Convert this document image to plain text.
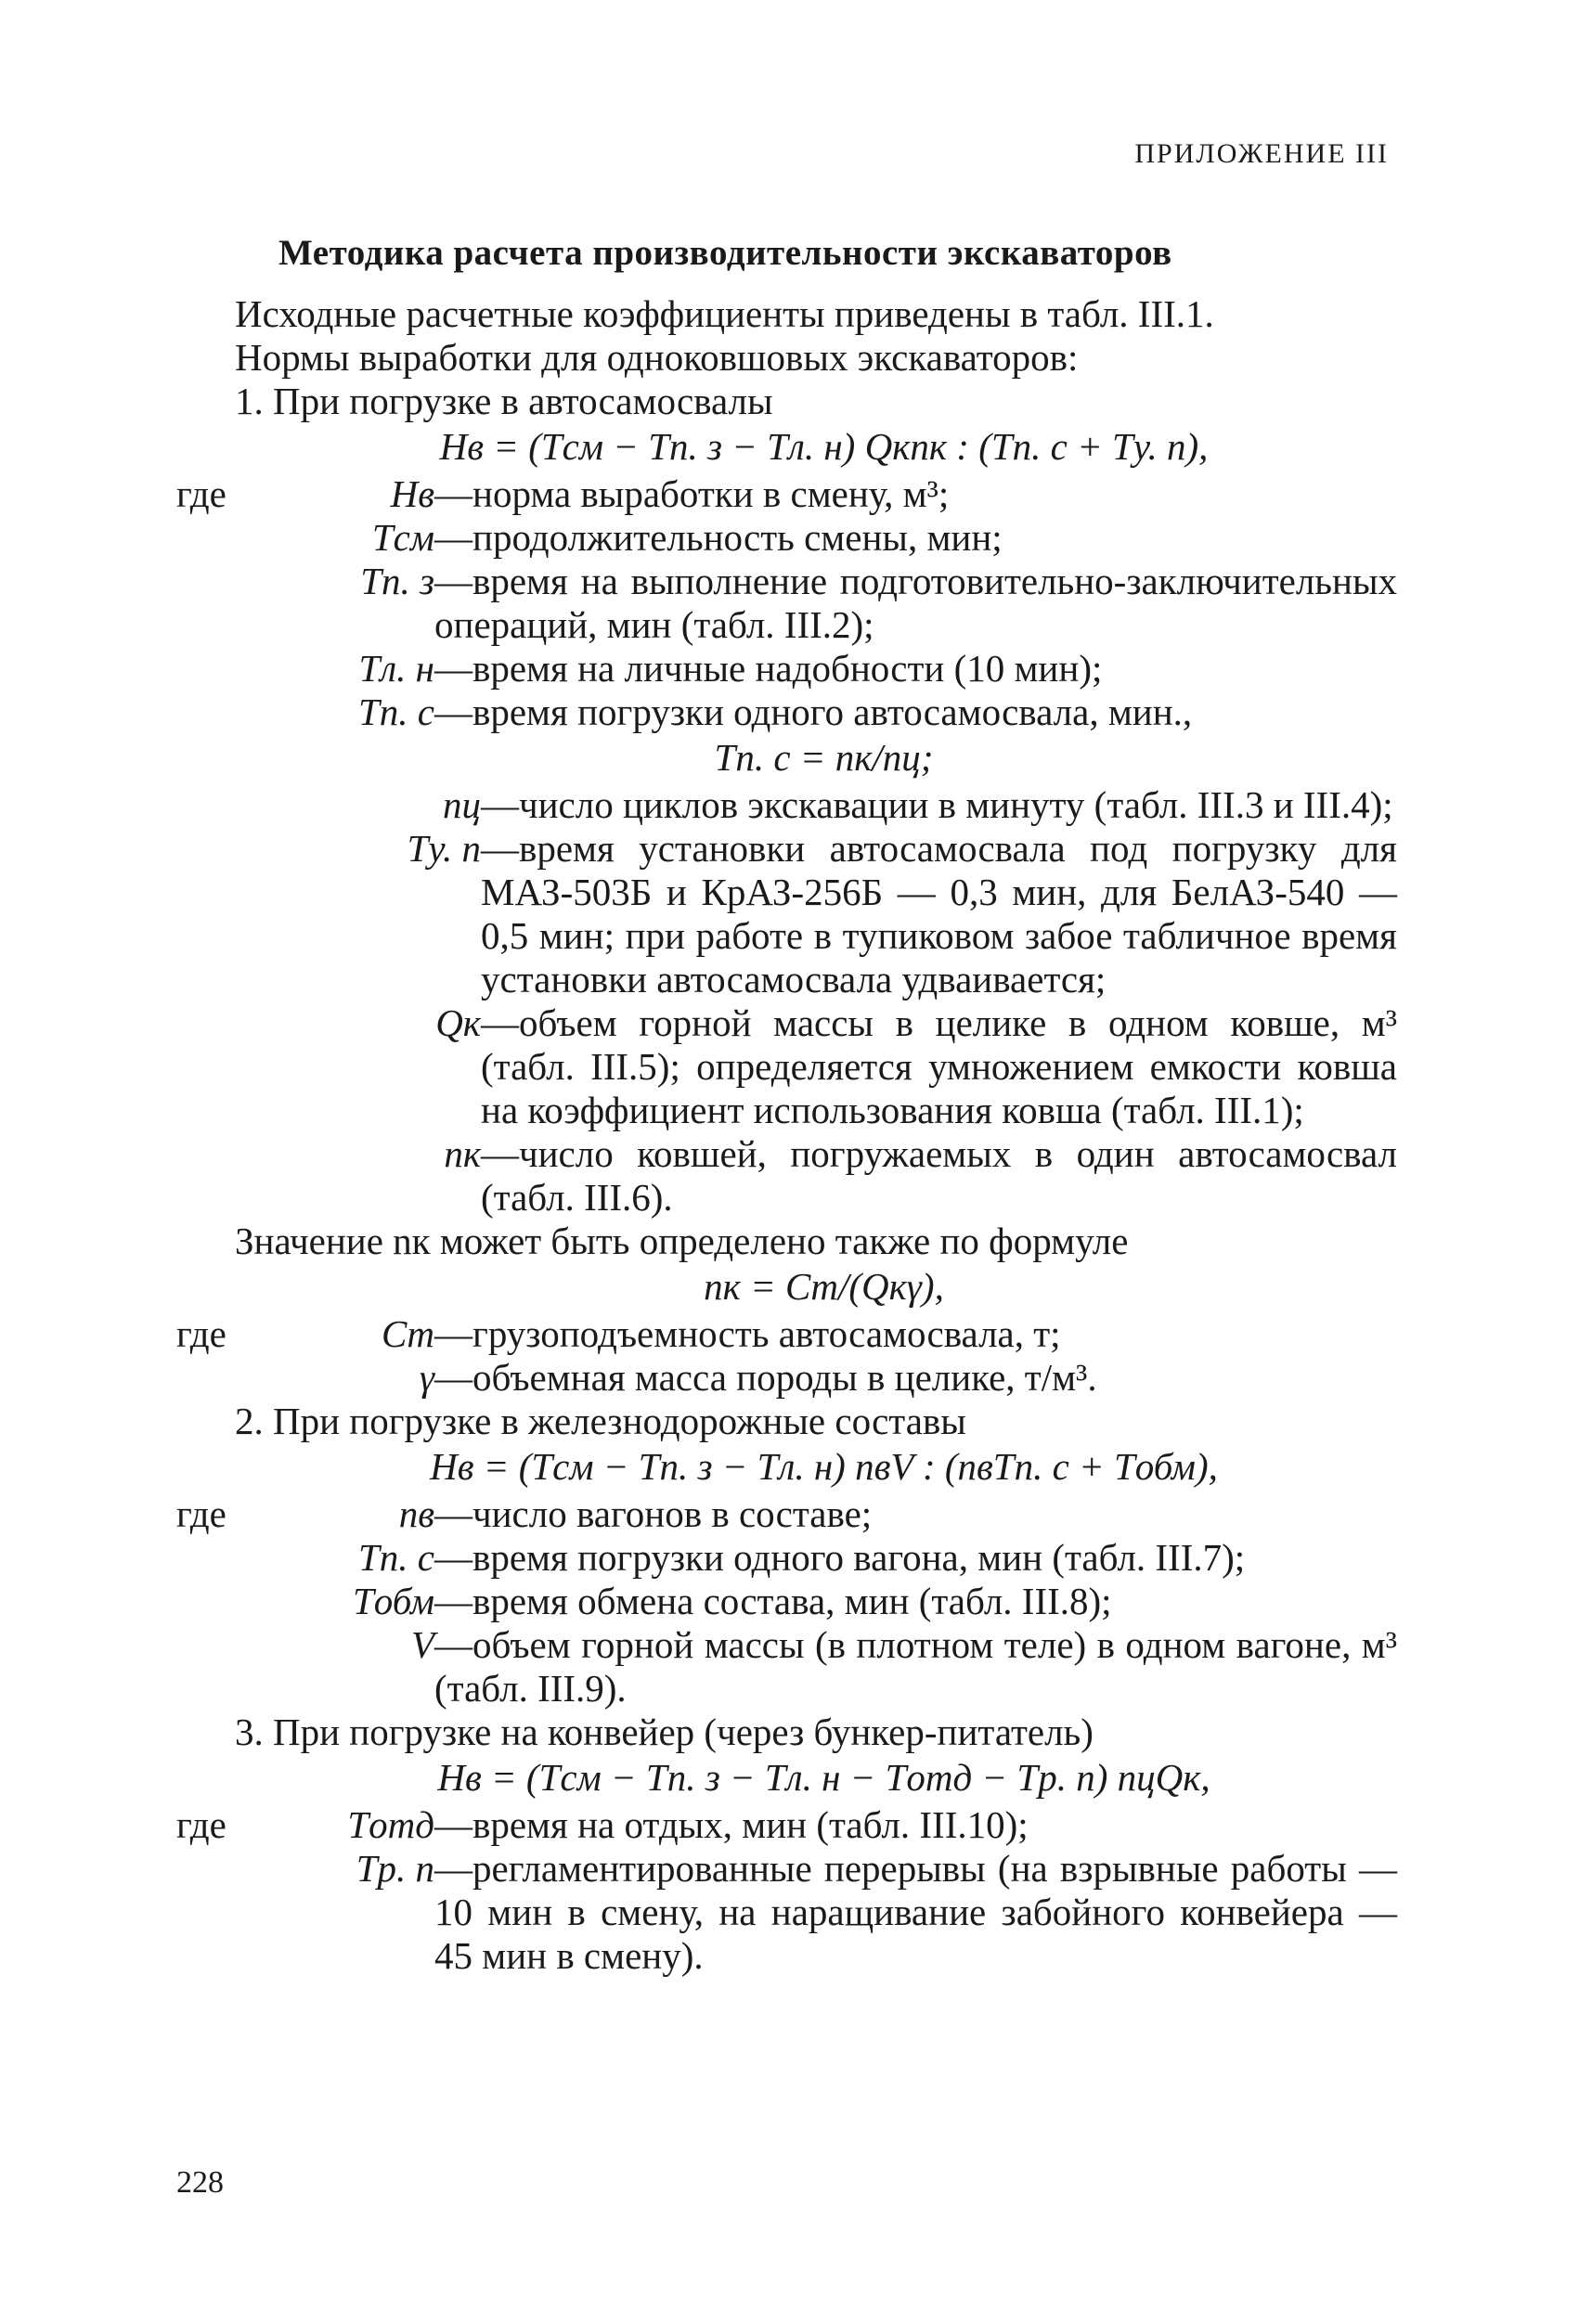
ПРИЛОЖЕНИЕ III
Методика расчета производительности экскаваторов

Исходные расчетные коэффициенты приведены в табл. III.1.

Нормы выработки для одноковшовых экскаваторов:

1. При погрузке в автосамосвалы

Hв = (Tсм − Tп. з − Tл. н) Qкnк : (Tп. с + Tу. п),
где	Hв	— норма выработки в смену, м³;
Tсм	— продолжительность смены, мин;
Tп. з	— время на выполнение подготовительно-заключительных операций, мин (табл. III.2);
Tл. н	— время на личные надобности (10 мин);
Tп. с	— время погрузки одного автосамосвала, мин.,
Tп. с = nк/nц;
nц	— число циклов экскавации в минуту (табл. III.3 и III.4);
Tу. п	— время установки автосамосвала под погрузку для МАЗ-503Б и КрАЗ-256Б — 0,3 мин, для БелАЗ-540 — 0,5 мин; при работе в тупиковом забое табличное время установки автосамосвала удваивается;
Qк	— объем горной массы в целике в одном ковше, м³ (табл. III.5); определяется умножением емкости ковша на коэффициент использования ковша (табл. III.1);
nк	— число ковшей, погружаемых в один автосамосвал (табл. III.6).

Значение nк может быть определено также по формуле

nк = Cт/(Qкγ),
где	Cт	— грузоподъемность автосамосвала, т;
γ	— объемная масса породы в целике, т/м³.

2. При погрузке в железнодорожные составы

Hв = (Tсм − Tп. з − Tл. н) nвV : (nвTп. с + Tобм),
где	nв	— число вагонов в составе;
Tп. с	— время погрузки одного вагона, мин (табл. III.7);
Tобм	— время обмена состава, мин (табл. III.8);
V	— объем горной массы (в плотном теле) в одном вагоне, м³ (табл. III.9).

3. При погрузке на конвейер (через бункер-питатель)

Hв = (Tсм − Tп. з − Tл. н − Tотд − Tр. п) nцQк,
где	Tотд	— время на отдых, мин (табл. III.10);
Tр. п	— регламентированные перерывы (на взрывные работы — 10 мин в смену, на наращивание забойного конвейера — 45 мин в смену).
228
